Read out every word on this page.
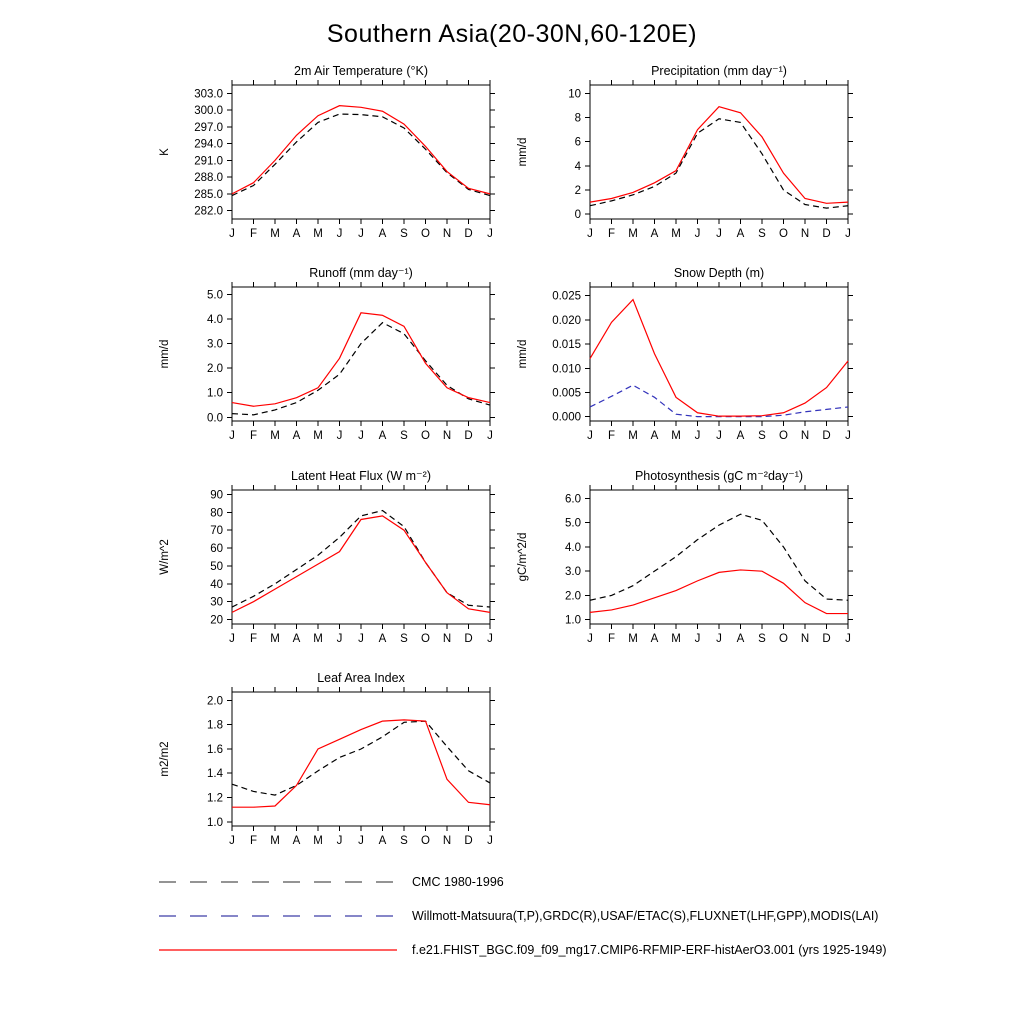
Southern Asia(20-30N,60-120E)
J F M A M J J A S O N D J
282.0
285.0
288.0
291.0
294.0
297.0
300.0
303.0
2m Air Temperature (°K)
K
J F M A M J J A S O N D J
0
2
4
6
8
10
Precipitation (mm day⁻¹)
mm/d
J F M A M J J A S O N D J
0.0
1.0
2.0
3.0
4.0
5.0
Runoff (mm day⁻¹)
mm/d
J F M A M J J A S O N D J
0.000
0.005
0.010
0.015
0.020
0.025
Snow Depth (m)
mm/d
J F M A M J J A S O N D J
20
30
40
50
60
70
80
90
Latent Heat Flux (W m⁻²)
W/m^2
J F M A M J J A S O N D J
1.0
2.0
3.0
4.0
5.0
6.0
Photosynthesis (gC m⁻²day⁻¹)
gC/m^2/d
J F M A M J J A S O N D J
1.0
1.2
1.4
1.6
1.8
2.0
Leaf Area Index
m2/m2
CMC 1980-1996
Willmott-Matsuura(T,P),GRDC(R),USAF/ETAC(S),FLUXNET(LHF,GPP),MODIS(LAI)
f.e21.FHIST_BGC.f09_f09_mg17.CMIP6-RFMIP-ERF-histAerO3.001 (yrs 1925-1949)
